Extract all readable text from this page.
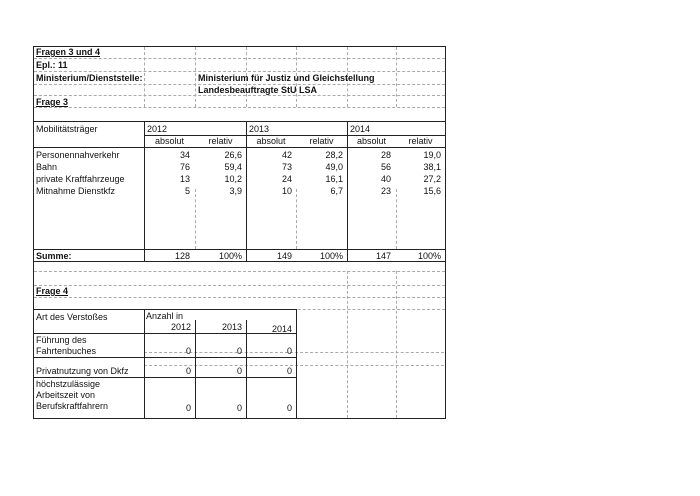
Fragen 3 und 4
Epl.: 11
Ministerium/Dienststelle:	Ministerium für Justiz und Gleichstellung
Landesbeauftragte StU LSA
Frage 3
Mobilitätsträger	2012	2013	2014
absolut	relativ	absolut	relativ	absolut	relativ
Personennahverkehr	34	26,6	42	28,2	28	19,0
Bahn	76	59,4	73	49,0	56	38,1
private Kraftfahrzeuge	13	10,2	24	16,1	40	27,2
Mitnahme Dienstkfz	5	3,9	10	6,7	23	15,6
Summe:	128	100%	149	100%	147	100%
Frage 4
Art des Verstoßes	Anzahl in
2012	2013	2014
Führung des
Fahrtenbuches	0	0	0
Privatnutzung von Dkfz	0	0	0
höchstzulässige
Arbeitszeit von
Berufskraftfahrern	0	0	0
